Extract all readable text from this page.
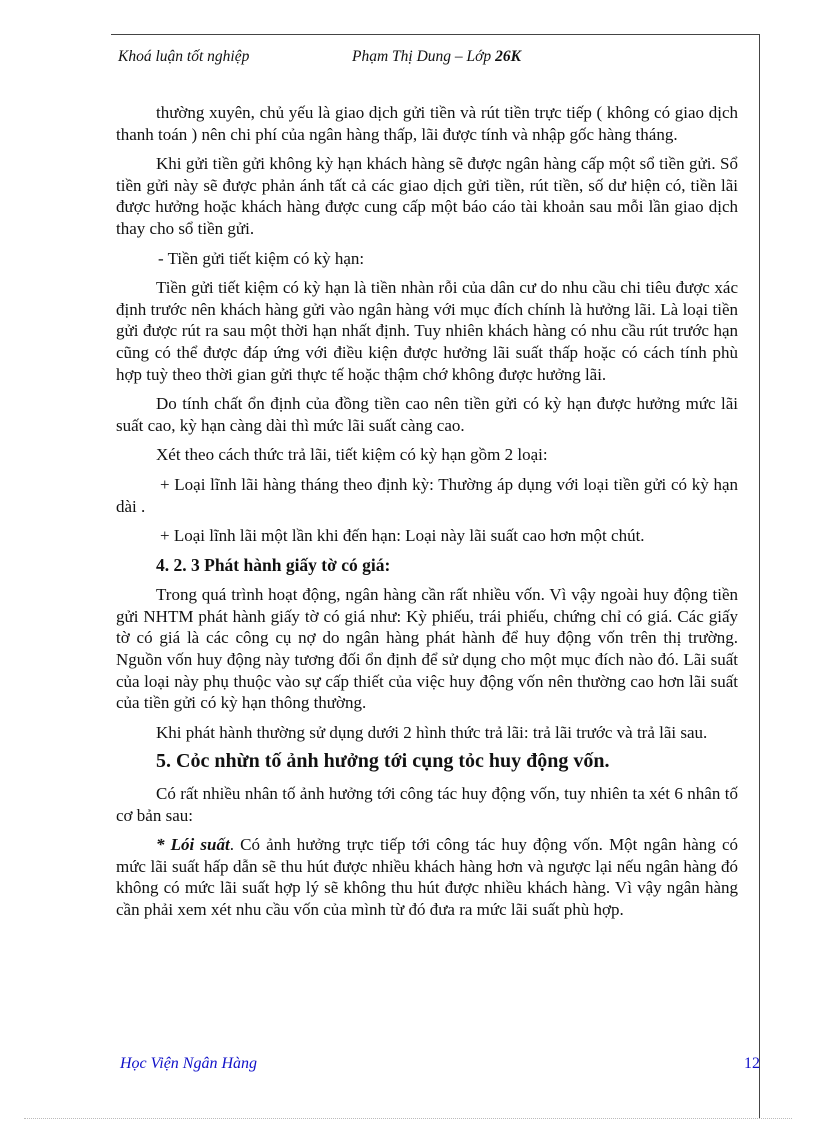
Khoá luận tốt nghiệp	Phạm Thị Dung – Lớp 26K

thường xuyên, chủ yếu là giao dịch gửi tiền và rút tiền trực tiếp ( không có giao dịch thanh toán ) nên chi phí của ngân hàng thấp, lãi được tính và nhập gốc hàng tháng.

Khi gửi tiền gửi không kỳ hạn khách hàng sẽ được ngân hàng cấp một sổ tiền gửi. Sổ tiền gửi này sẽ được phản ánh tất cả các giao dịch gửi tiền, rút tiền, số dư hiện có, tiền lãi được hưởng hoặc khách hàng được cung cấp một báo cáo tài khoản sau mỗi lần giao dịch thay cho sổ tiền gửi.

- Tiền gửi tiết kiệm có kỳ hạn:

Tiền gửi tiết kiệm có kỳ hạn là tiền nhàn rỗi của dân cư do nhu cầu chi tiêu được xác định trước nên khách hàng gửi vào ngân hàng với mục đích chính là hưởng lãi. Là loại tiền gửi được rút ra sau một thời hạn nhất định. Tuy nhiên khách hàng có nhu cầu rút trước hạn cũng có thể được đáp ứng với điều kiện được hưởng lãi suất thấp hoặc có cách tính phù hợp tuỳ theo thời gian gửi thực tế hoặc thậm chớ không được hưởng lãi.

Do tính chất ổn định của đồng tiền cao nên tiền gửi có kỳ hạn được hưởng mức lãi suất cao, kỳ hạn càng dài thì mức lãi suất càng cao.

Xét theo cách thức trả lãi, tiết kiệm có kỳ hạn gồm 2 loại:

+ Loại lĩnh lãi hàng tháng theo định kỳ: Thường áp dụng với loại tiền gửi có kỳ hạn dài .

+ Loại lĩnh lãi một lần khi đến hạn: Loại này lãi suất cao hơn một chút.

4. 2. 3 Phát hành giấy tờ có giá:

Trong quá trình hoạt động, ngân hàng cần rất nhiều vốn. Vì vậy ngoài huy động tiền gửi NHTM phát hành giấy tờ có giá như: Kỳ phiếu, trái phiếu, chứng chỉ có giá. Các giấy tờ có giá là các công cụ nợ do ngân hàng phát hành để huy động vốn trên thị trường. Nguồn vốn huy động này tương đối ổn định để sử dụng cho một mục đích nào đó. Lãi suất của loại này phụ thuộc vào sự cấp thiết của việc huy động vốn nên thường cao hơn lãi suất của tiền gửi có kỳ hạn thông thường.

Khi phát hành thường sử dụng dưới 2 hình thức trả lãi: trả lãi trước và trả lãi sau.

5. Cỏc nhừn tố ảnh hưởng tới cụng tỏc huy động vốn.

Có rất nhiều nhân tố ảnh hưởng tới công tác huy động vốn, tuy nhiên ta xét 6 nhân tố cơ bản sau:

* Lói suất. Có ảnh hưởng trực tiếp tới công tác huy động vốn. Một ngân hàng có mức lãi suất hấp dẫn sẽ thu hút được nhiều khách hàng hơn và ngược lại nếu ngân hàng đó không có mức lãi suất hợp lý sẽ không thu hút được nhiều khách hàng. Vì vậy ngân hàng cần phải xem xét nhu cầu vốn của mình từ đó đưa ra mức lãi suất phù hợp.

Học Viện Ngân Hàng	12
